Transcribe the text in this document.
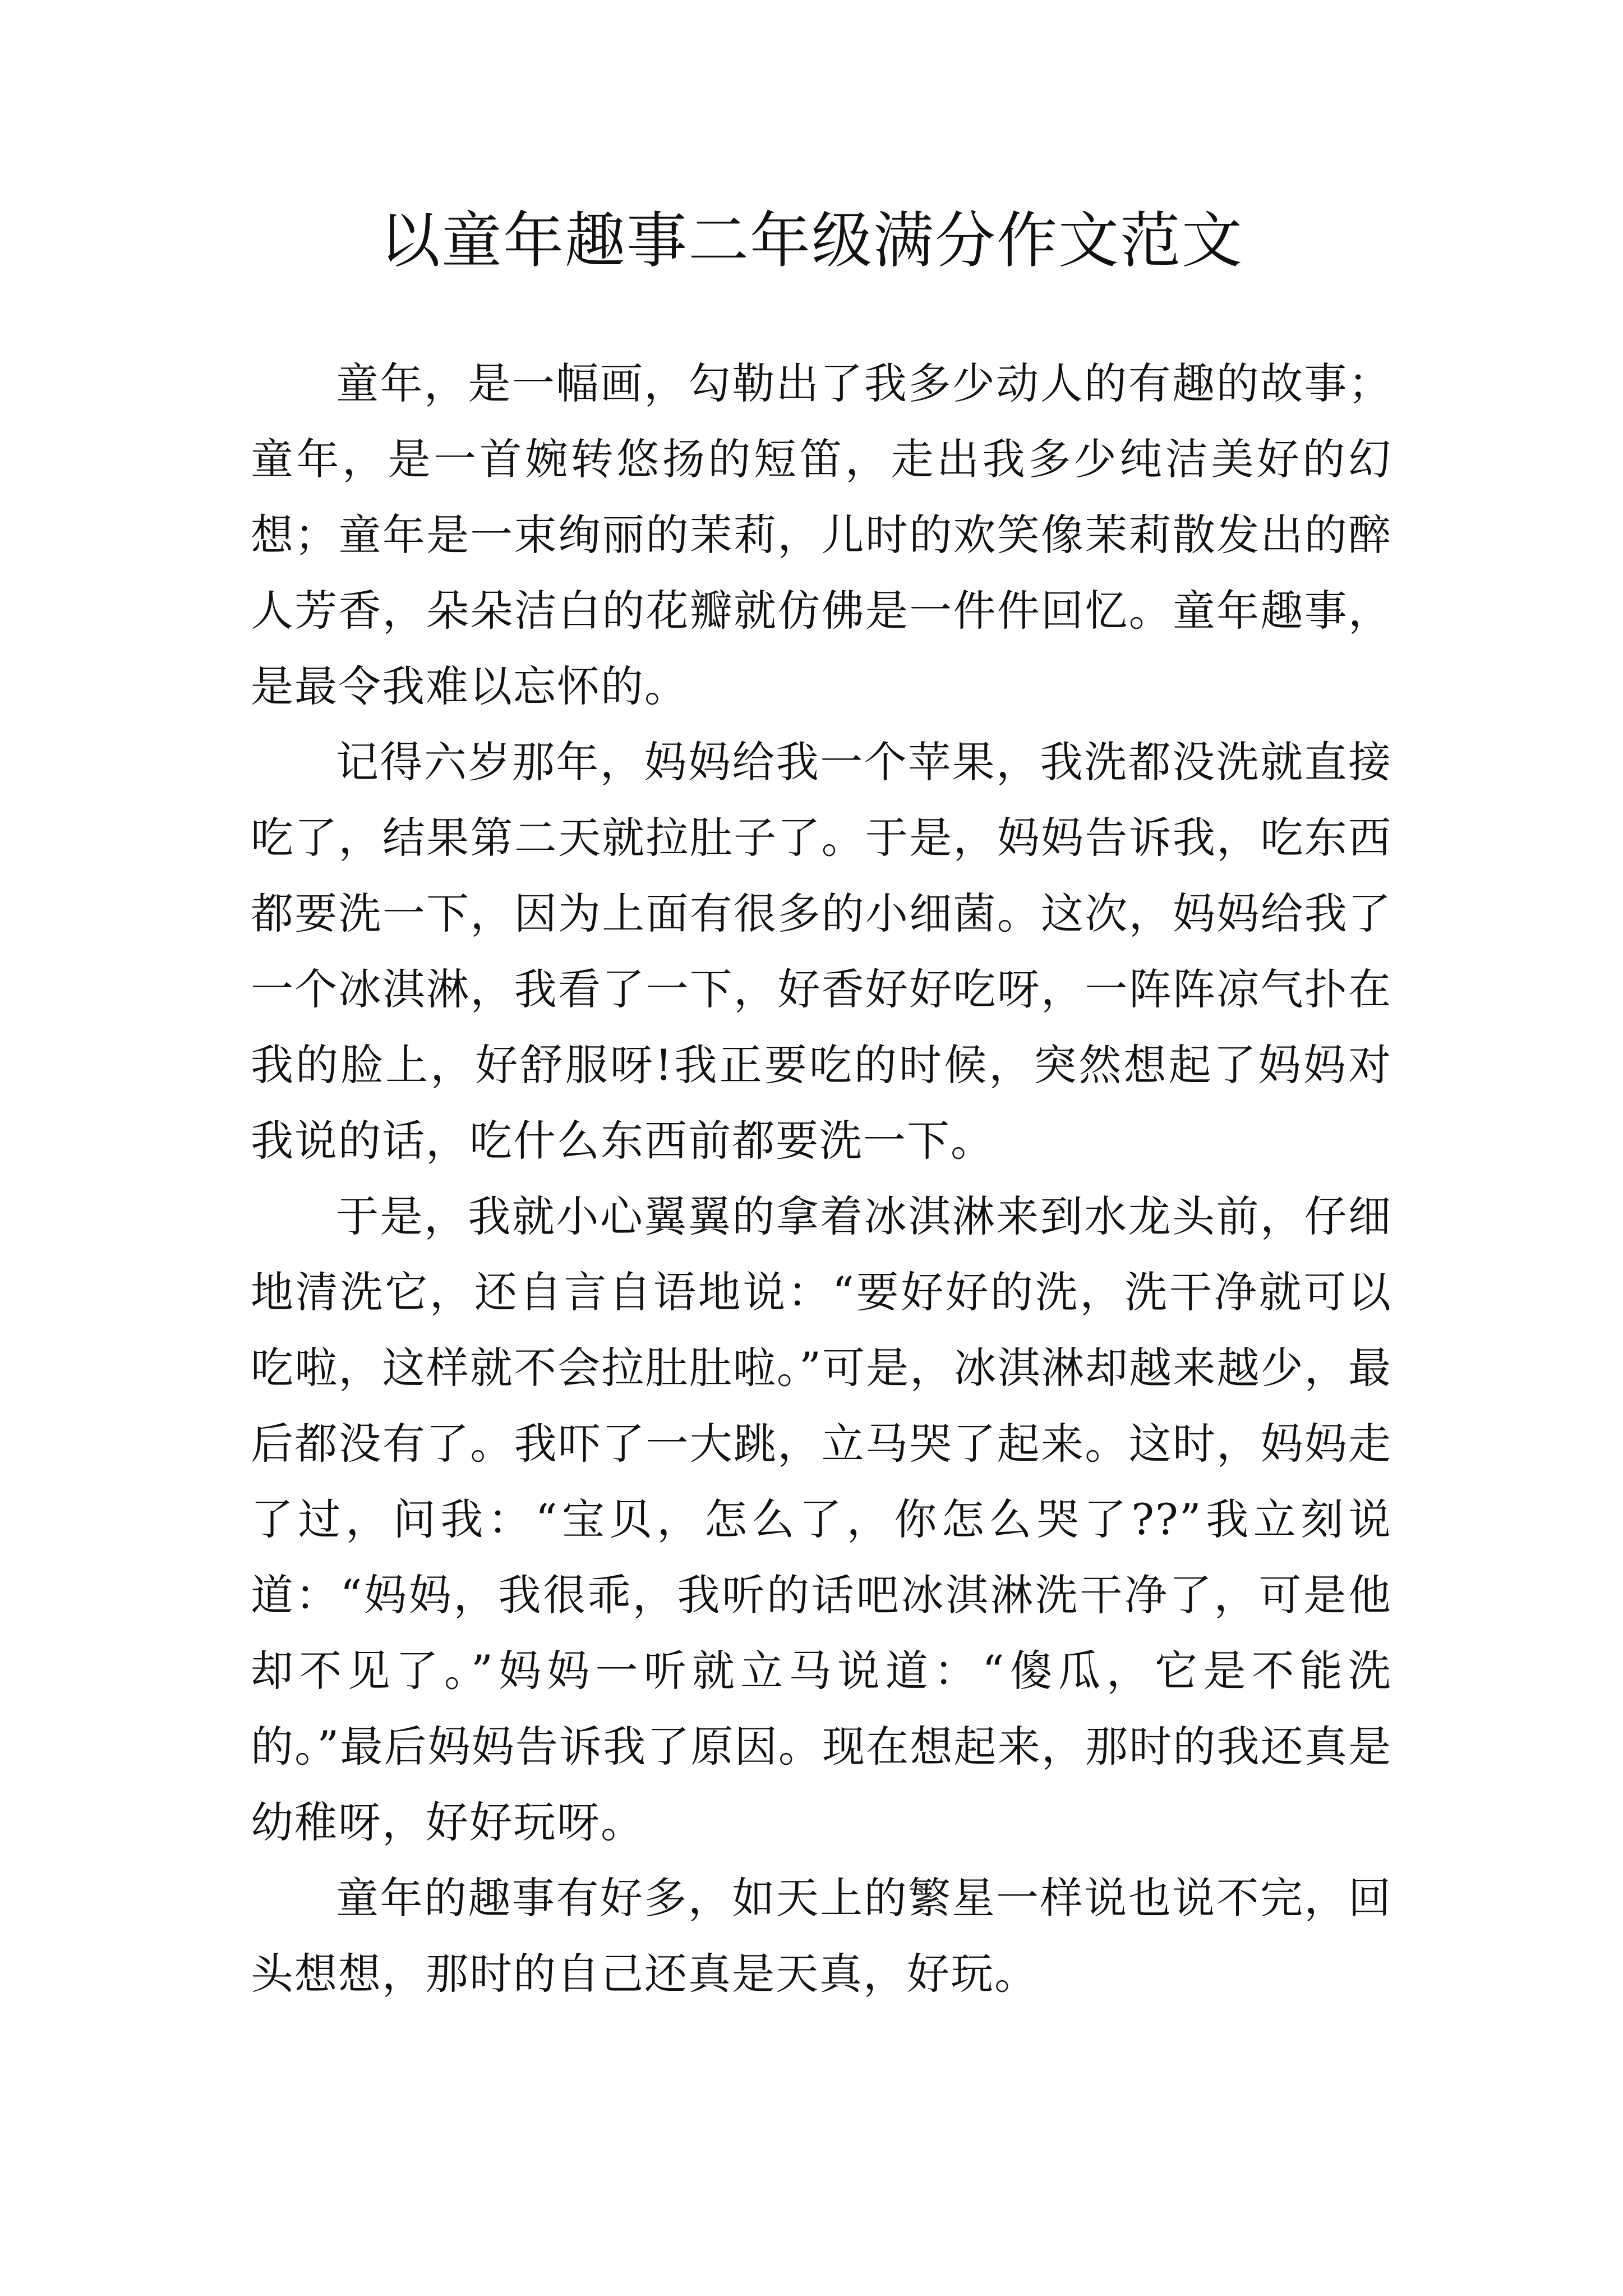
以童年趣事二年级满分作文范文

童年，是一幅画，勾勒出了我多少动人的有趣的故事；童年，是一首婉转悠扬的短笛，走出我多少纯洁美好的幻想；童年是一束绚丽的茉莉，儿时的欢笑像茉莉散发出的醉人芳香，朵朵洁白的花瓣就仿佛是一件件回忆。童年趣事，是最令我难以忘怀的。

记得六岁那年，妈妈给我一个苹果，我洗都没洗就直接吃了，结果第二天就拉肚子了。于是，妈妈告诉我，吃东西都要洗一下，因为上面有很多的小细菌。这次，妈妈给我了一个冰淇淋，我看了一下，好香好好吃呀，一阵阵凉气扑在我的脸上，好舒服呀!我正要吃的时候，突然想起了妈妈对我说的话，吃什么东西前都要洗一下。

于是，我就小心翼翼的拿着冰淇淋来到水龙头前，仔细地清洗它，还自言自语地说：“要好好的洗，洗干净就可以吃啦，这样就不会拉肚肚啦。”可是，冰淇淋却越来越少，最后都没有了。我吓了一大跳，立马哭了起来。这时，妈妈走了过，问我：“宝贝，怎么了，你怎么哭了??”我立刻说道：“妈妈，我很乖，我听的话吧冰淇淋洗干净了，可是他却不见了。”妈妈一听就立马说道：“傻瓜，它是不能洗的。”最后妈妈告诉我了原因。现在想起来，那时的我还真是幼稚呀，好好玩呀。

童年的趣事有好多，如天上的繁星一样说也说不完，回头想想，那时的自己还真是天真，好玩。
